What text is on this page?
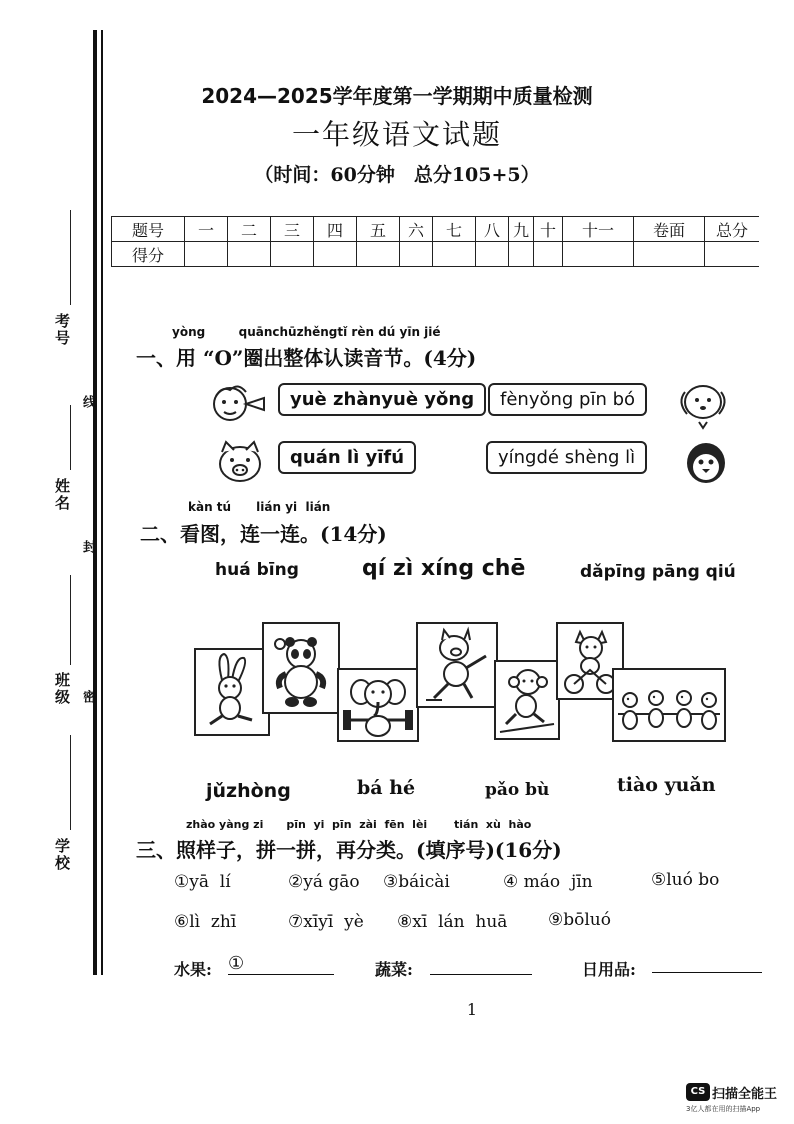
考号
线
姓名
封
班级 密
学校
2024—2025学年度第一学期期中质量检测
一年级语文试题
（时间：60分钟　总分105+5）
题号	一	二	三	四	五	六	七	八	九	十	十一	卷面	总分
得分													
yòng        quānchūzhěngtǐ rèn dú yīn jié
一、用 “O”圈出整体认读音节。(4分)
yuè zhànyuè yǒng	fènyǒng pīn bó
quán lì yīfú	yíngdé shèng lì
kàn tú      lián yi  lián
二、看图，连一连。(14分)
huá bīng	qí zì xíng chē	dǎpīng pāng qiú
jǔzhòng	bá hé	pǎo bù	tiào yuǎn
zhào yàng zi      pīn  yi  pīn  zài  fēn  lèi       tián  xù  hào
三、照样子，拼一拼，再分类。(填序号)(16分)
①yā  lí	②yá gāo ③báicài	④ máo  jīn	⑤luó bo
⑥lì  zhī	⑦xīyī  yè ⑧xī  lán  huā ⑨bōluó
水果: ①	蔬菜:	日用品:
1
CS 扫描全能王
3亿人都在用的扫描App
